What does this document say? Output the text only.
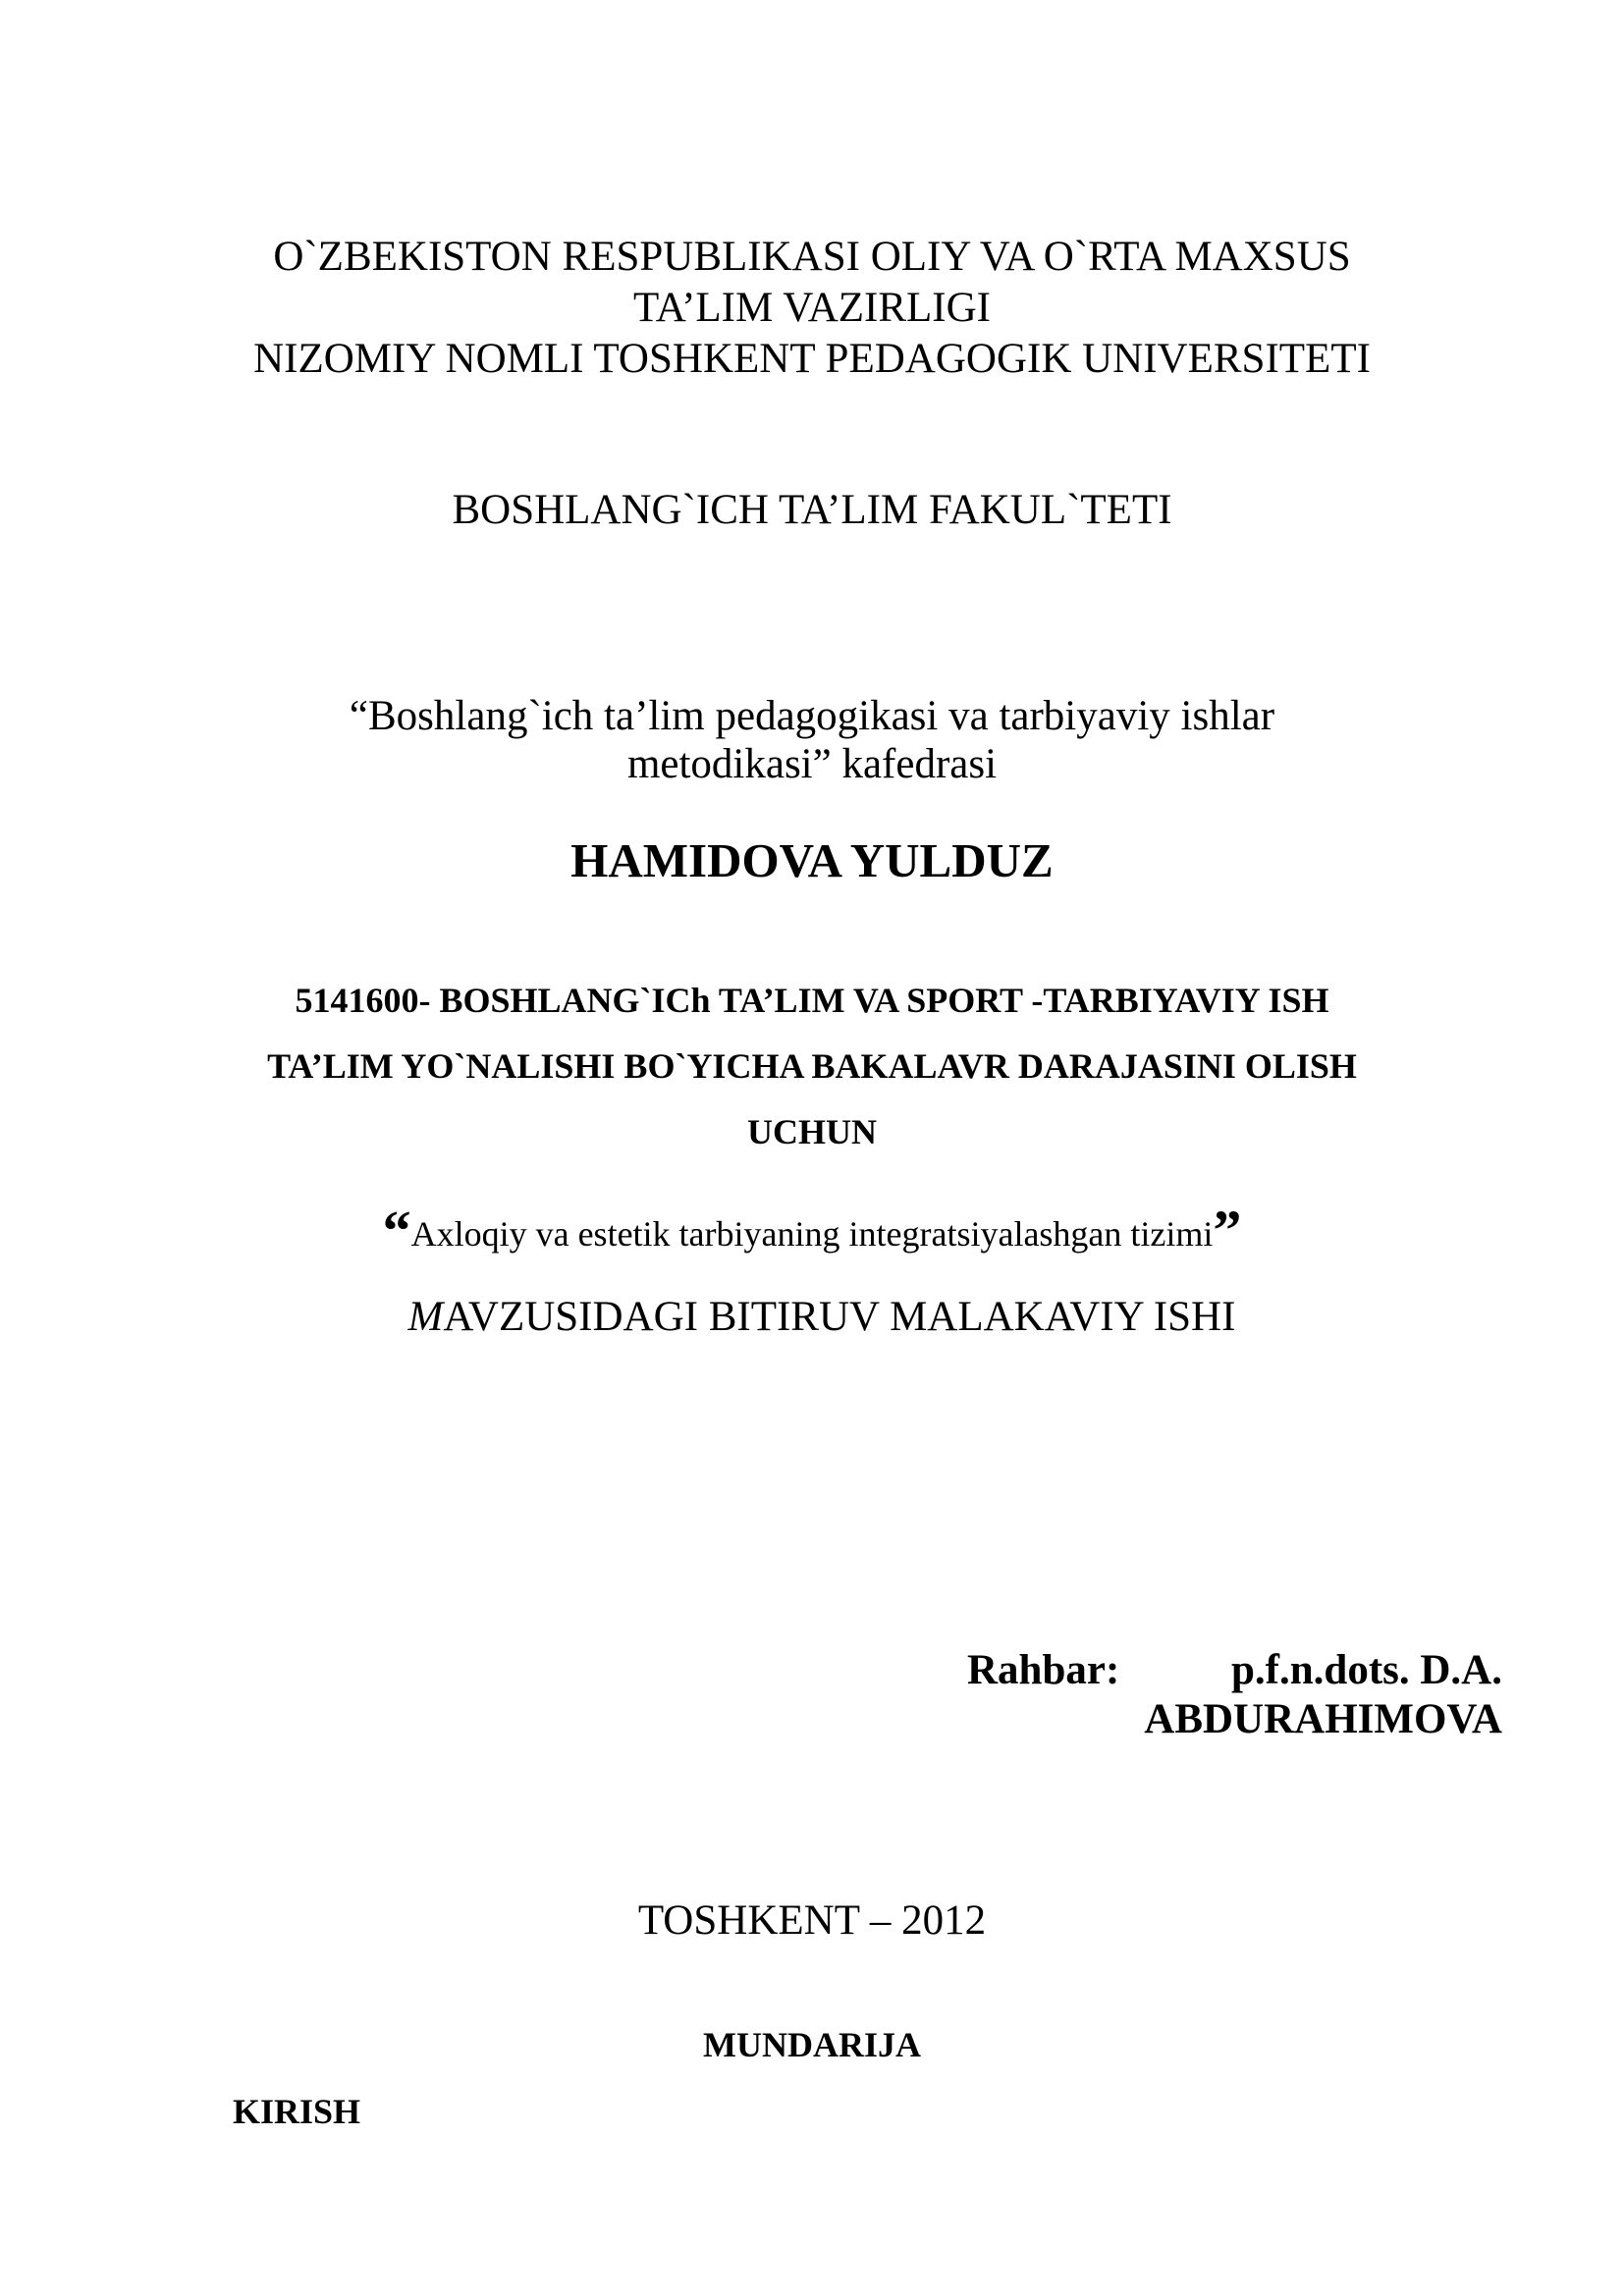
O`ZBEKISTON RESPUBLIKASI OLIY VA O`RTA MAXSUS
TA’LIM VAZIRLIGI
NIZOMIY NOMLI TOSHKENT PEDAGOGIK UNIVERSITETI
BOSHLANG`ICH TA’LIM FAKUL`TETI
“Boshlang`ich ta’lim pedagogikasi va tarbiyaviy ishlar
metodikasi” kafedrasi
HAMIDOVA YULDUZ
5141600- BOSHLANG`ICh TA’LIM VA SPORT -TARBIYAVIY ISH
TA’LIM YO`NALISHI BO`YICHA BAKALAVR DARAJASINI OLISH
UCHUN
“Axloqiy va estetik tarbiyaning integratsiyalashgan tizimi”
MAVZUSIDAGI BITIRUV MALAKAVIY ISHI
Rahbar:	p.f.n.dots. D.A.
ABDURAHIMOVA
TOSHKENT – 2012
MUNDARIJA
KIRISH
